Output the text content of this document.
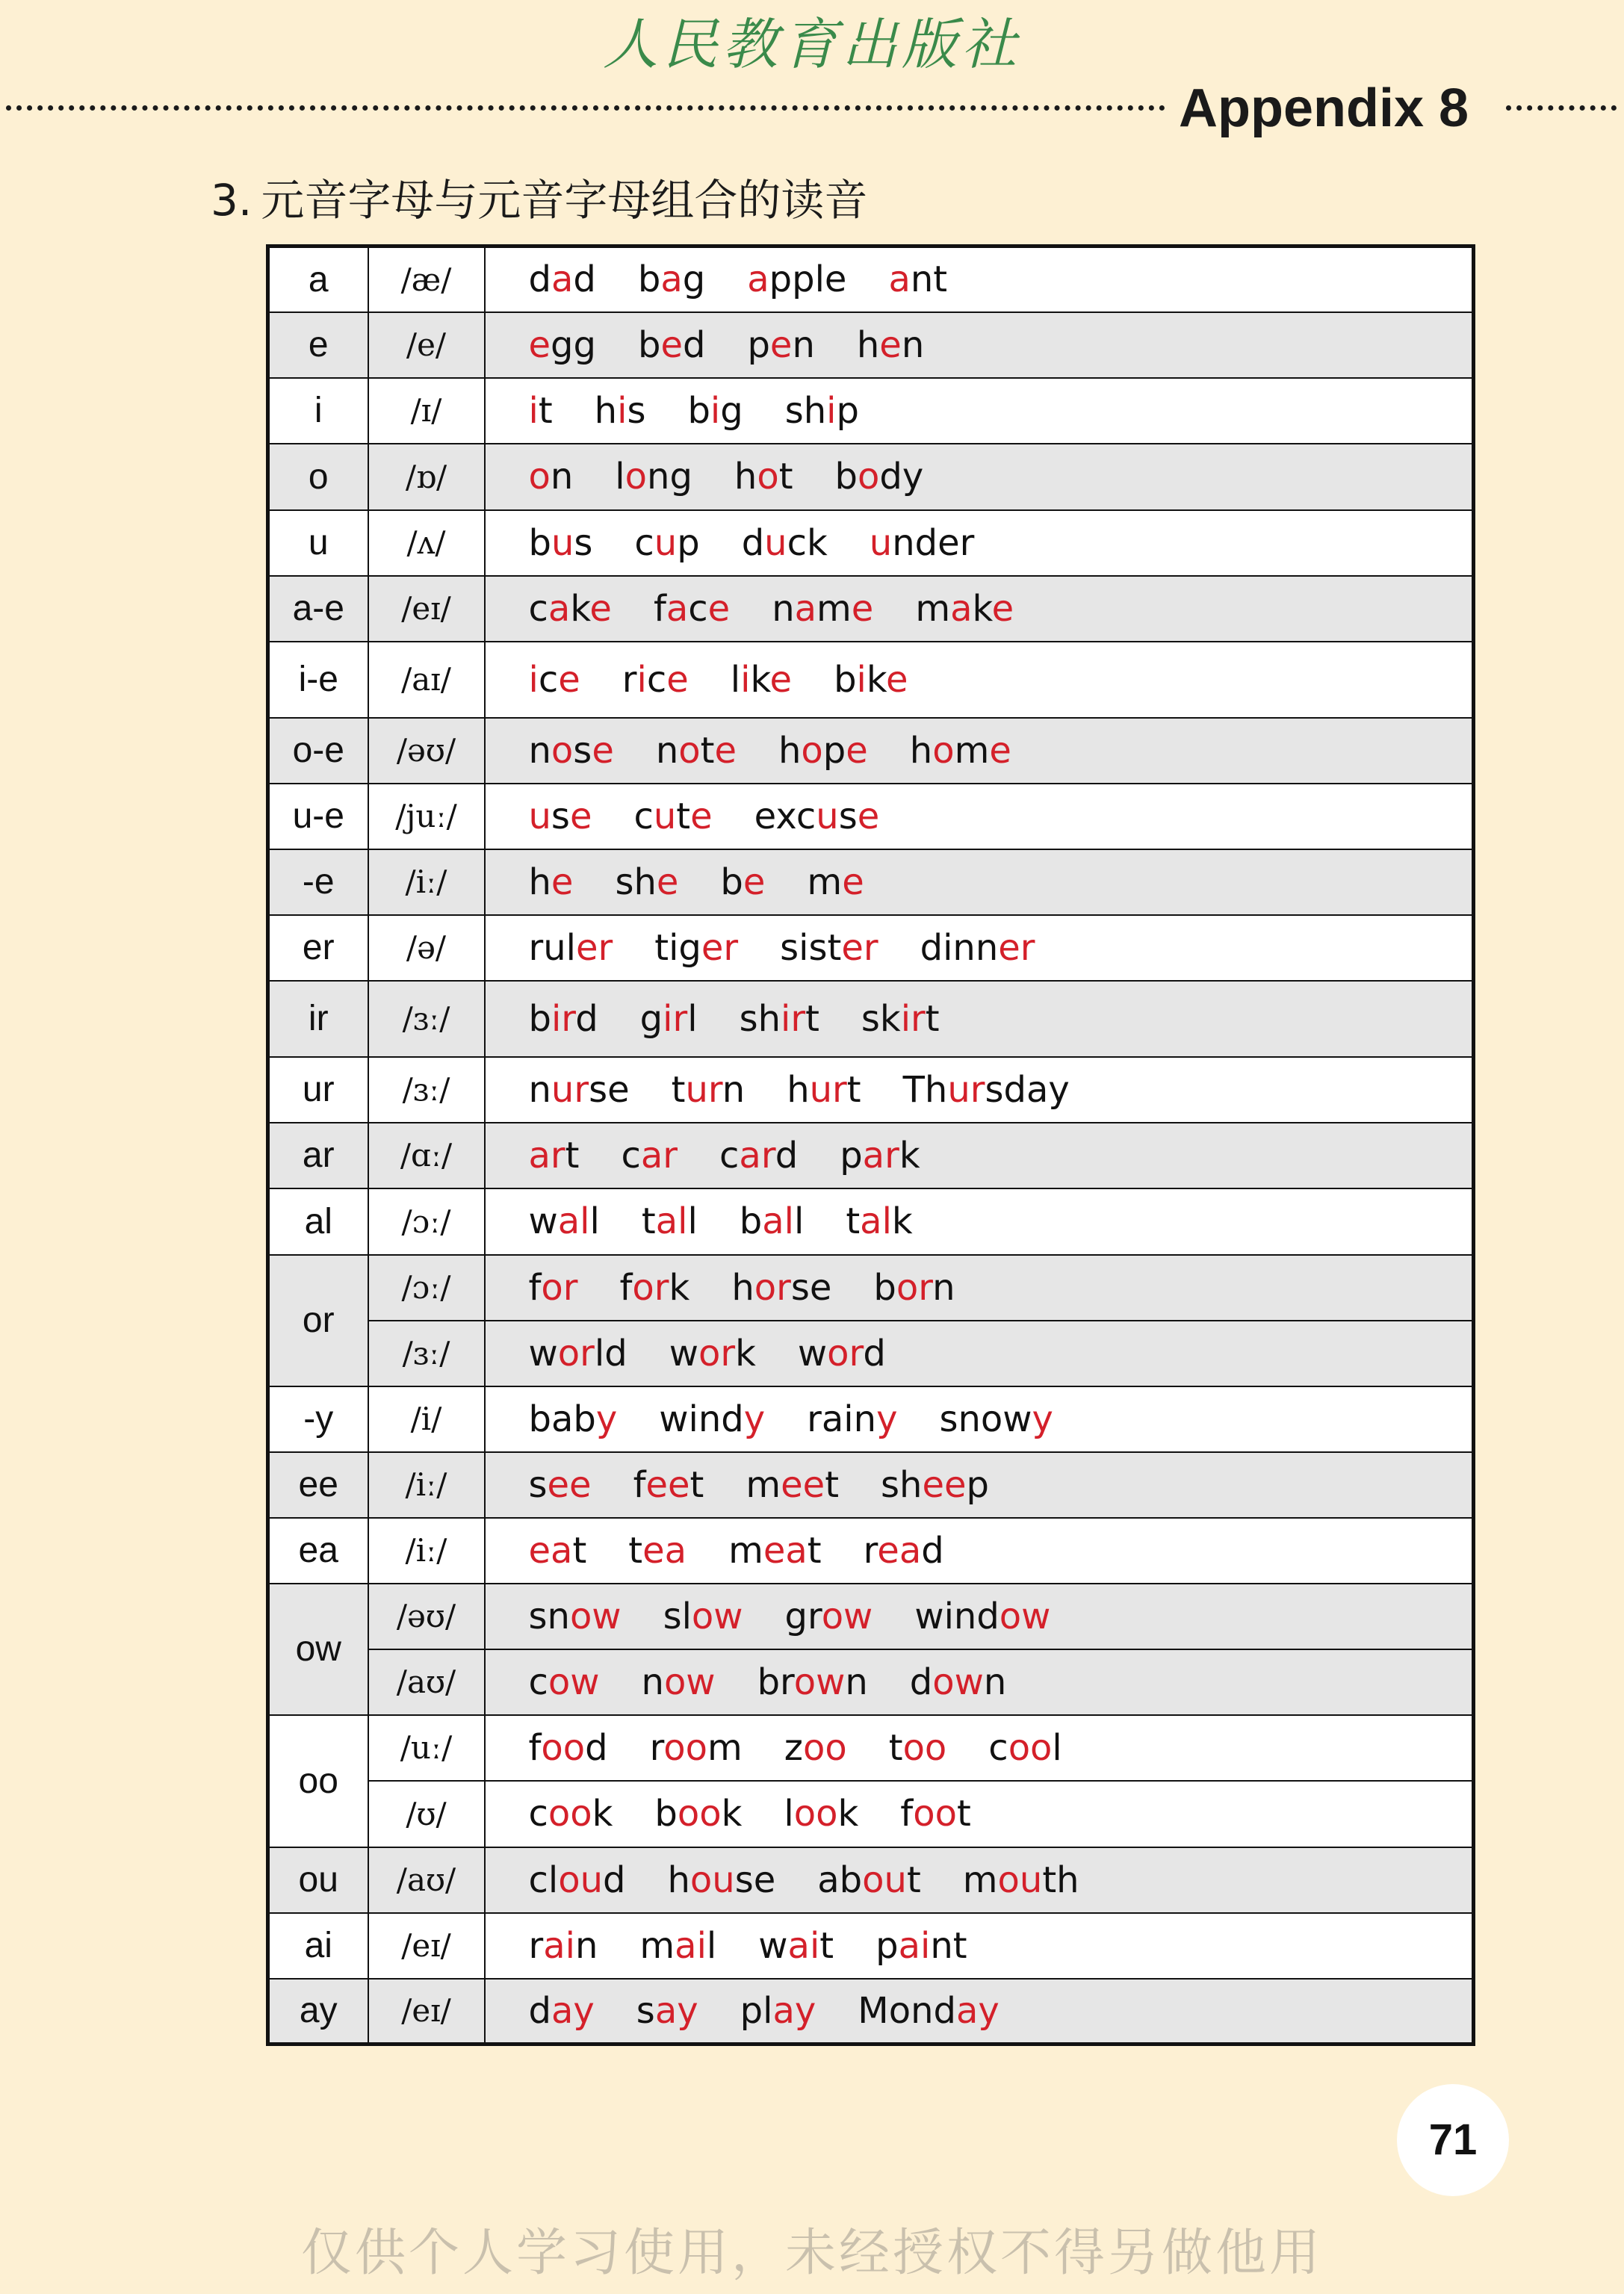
人民教育出版社
Appendix 8
3. 元音字母与元音字母组合的读音
a	/æ/	dad bag apple ant
e	/e/	egg bed pen hen
i	/ɪ/	it his big ship
o	/ɒ/	on long hot body
u	/ʌ/	bus cup duck under
a-e	/eɪ/	cake face name make
i-e	/aɪ/	ice rice like bike
o-e	/əʊ/	nose note hope home
u-e	/juː/	use cute excuse
-e	/iː/	he she be me
er	/ə/	ruler tiger sister dinner
ir	/ɜː/	bird girl shirt skirt
ur	/ɜː/	nurse turn hurt Thursday
ar	/ɑː/	art car card park
al	/ɔː/	wall tall ball talk
or	/ɔː/	for fork horse born
	/ɜː/	world work word
-y	/i/	baby windy rainy snowy
ee	/iː/	see feet meet sheep
ea	/iː/	eat tea meat read
ow	/əʊ/	snow slow grow window
	/aʊ/	cow now brown down
oo	/uː/	food room zoo too cool
	/ʊ/	cook book look foot
ou	/aʊ/	cloud house about mouth
ai	/eɪ/	rain mail wait paint
ay	/eɪ/	day say play Monday
71
仅供个人学习使用，未经授权不得另做他用
